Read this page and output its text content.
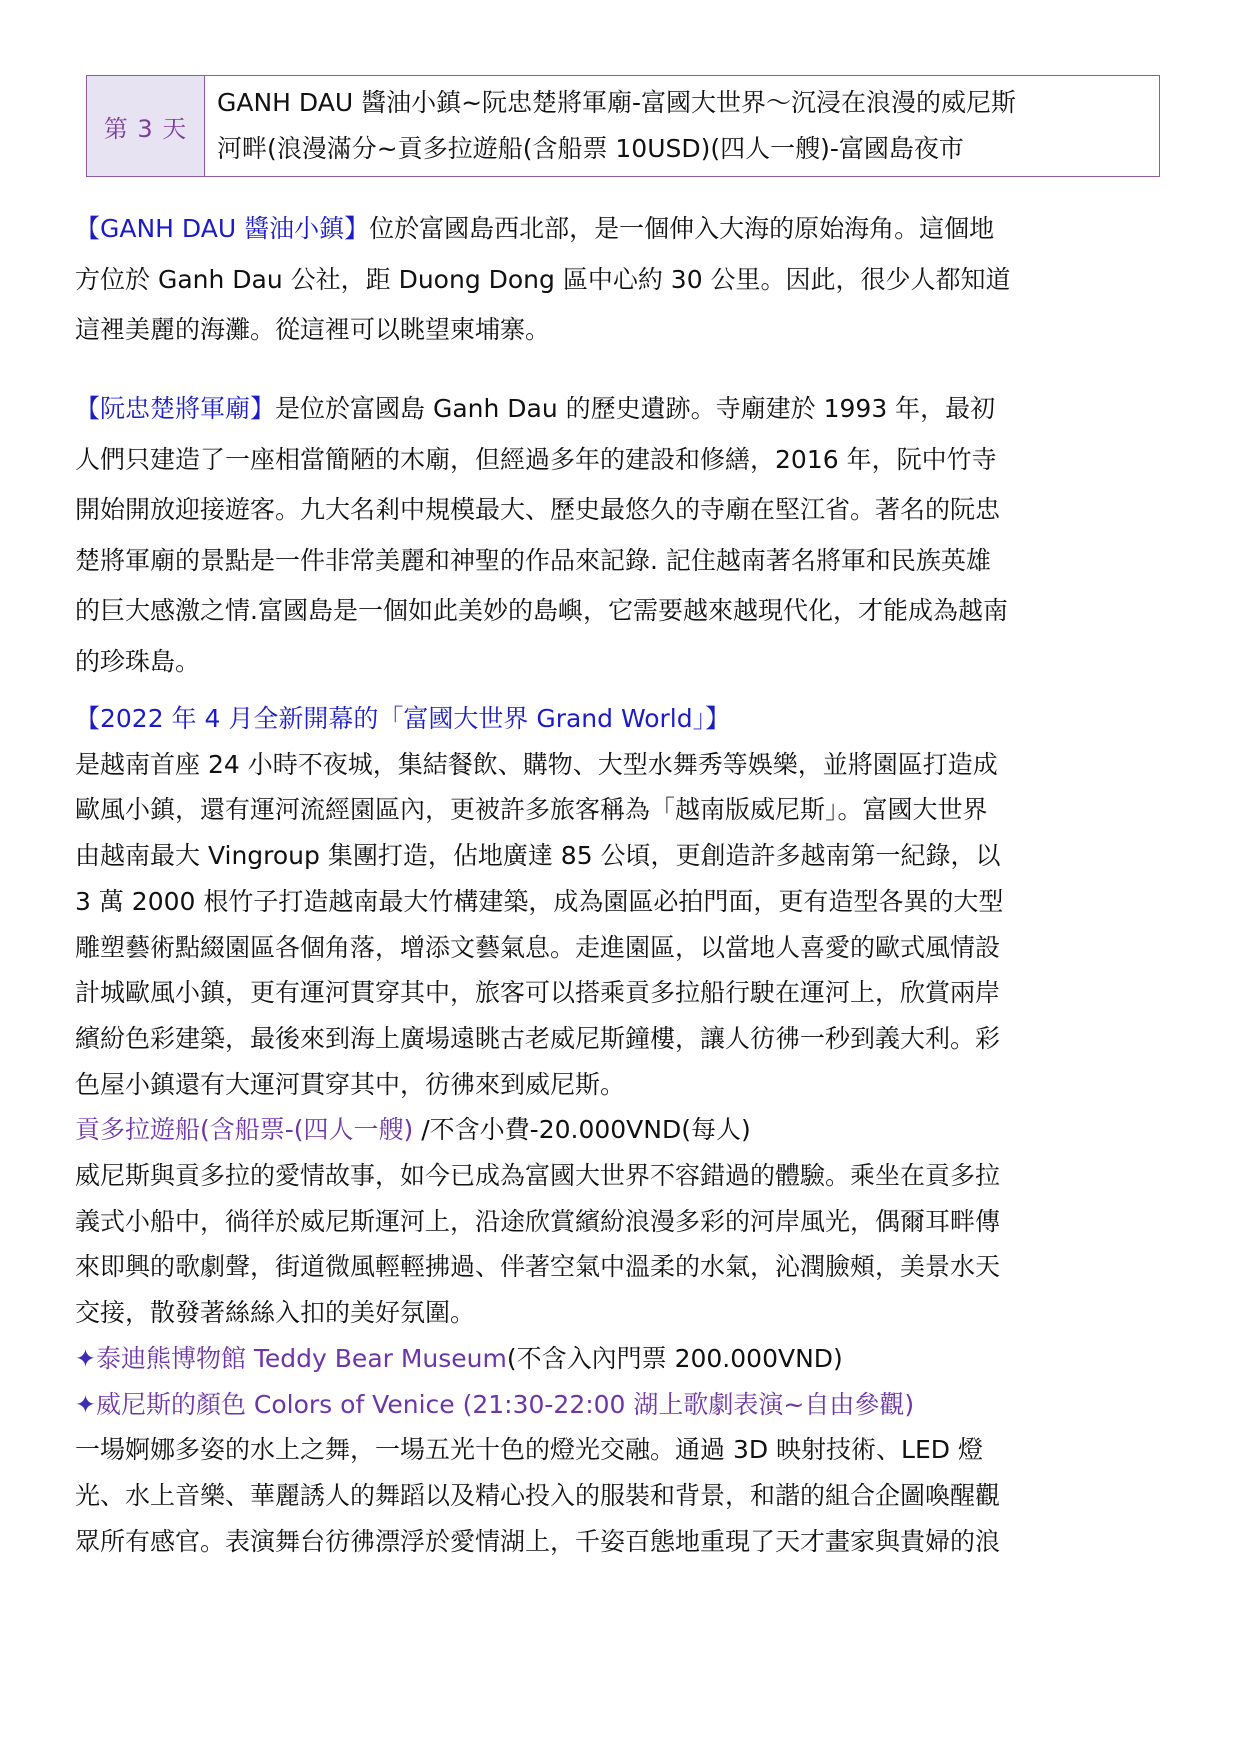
第 3 天
GANH DAU 醬油小鎮~阮忠楚將軍廟-富國大世界～沉浸在浪漫的威尼斯
河畔(浪漫滿分~貢多拉遊船(含船票 10USD)(四人一艘)-富國島夜市
【GANH DAU 醬油小鎮】位於富國島西北部，是一個伸入大海的原始海角。這個地
方位於 Ganh Dau 公社，距 Duong Dong 區中心約 30 公里。因此，很少人都知道
這裡美麗的海灘。從這裡可以眺望柬埔寨。
【阮忠楚將軍廟】是位於富國島 Ganh Dau 的歷史遺跡。寺廟建於 1993 年，最初
人們只建造了一座相當簡陋的木廟，但經過多年的建設和修繕，2016 年，阮中竹寺
開始開放迎接遊客。九大名剎中規模最大、歷史最悠久的寺廟在堅江省。著名的阮忠
楚將軍廟的景點是一件非常美麗和神聖的作品來記錄. 記住越南著名將軍和民族英雄
的巨大感激之情.富國島是一個如此美妙的島嶼，它需要越來越現代化，才能成為越南
的珍珠島。
【2022 年 4 月全新開幕的「富國大世界 Grand World」】
是越南首座 24 小時不夜城，集結餐飲、購物、大型水舞秀等娛樂，並將園區打造成
歐風小鎮，還有運河流經園區內，更被許多旅客稱為「越南版威尼斯」。富國大世界
由越南最大 Vingroup 集團打造，佔地廣達 85 公頃，更創造許多越南第一紀錄，以
3 萬 2000 根竹子打造越南最大竹構建築，成為園區必拍門面，更有造型各異的大型
雕塑藝術點綴園區各個角落，增添文藝氣息。走進園區，以當地人喜愛的歐式風情設
計城歐風小鎮，更有運河貫穿其中，旅客可以搭乘貢多拉船行駛在運河上，欣賞兩岸
繽紛色彩建築，最後來到海上廣場遠眺古老威尼斯鐘樓，讓人彷彿一秒到義大利。彩
色屋小鎮還有大運河貫穿其中，彷彿來到威尼斯。
貢多拉遊船(含船票-(四人一艘) /不含小費-20.000VND(每人)
威尼斯與貢多拉的愛情故事，如今已成為富國大世界不容錯過的體驗。乘坐在貢多拉
義式小船中，徜徉於威尼斯運河上，沿途欣賞繽紛浪漫多彩的河岸風光，偶爾耳畔傳
來即興的歌劇聲，街道微風輕輕拂過、伴著空氣中溫柔的水氣，沁潤臉頰，美景水天
交接，散發著絲絲入扣的美好氛圍。
✦泰迪熊博物館 Teddy Bear Museum(不含入內門票 200.000VND)
✦威尼斯的顏色 Colors of Venice (21:30-22:00 湖上歌劇表演~自由參觀)
一場婀娜多姿的水上之舞，一場五光十色的燈光交融。通過 3D 映射技術、LED 燈
光、水上音樂、華麗誘人的舞蹈以及精心投入的服裝和背景，和諧的組合企圖喚醒觀
眾所有感官。表演舞台彷彿漂浮於愛情湖上，千姿百態地重現了天才畫家與貴婦的浪
